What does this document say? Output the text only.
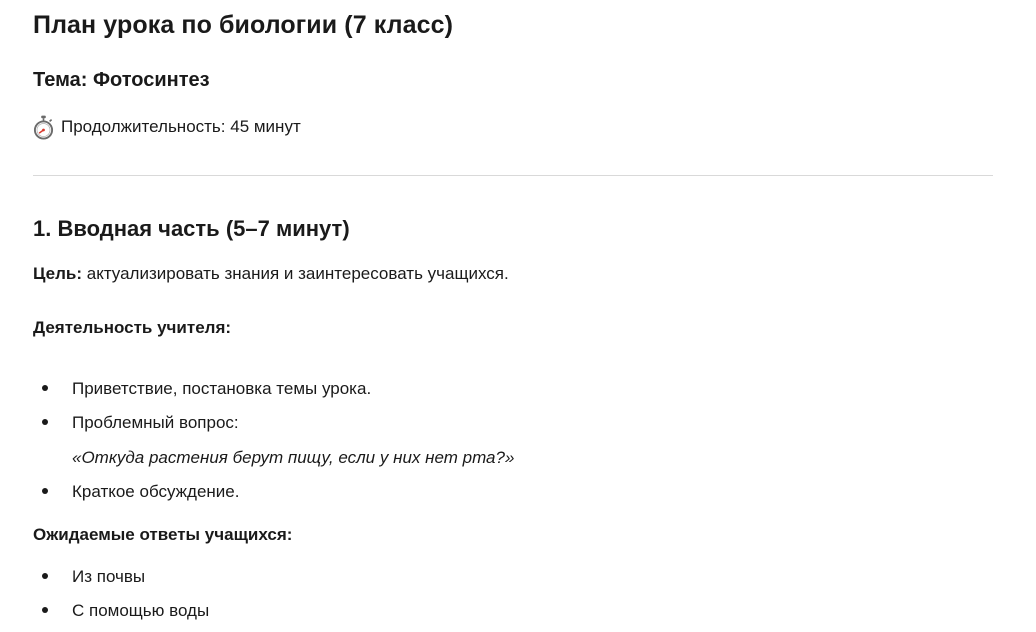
План урока по биологии (7 класс)
Тема: Фотосинтез

Продолжительность: 45 минут

1. Вводная часть (5–7 минут)

Цель: актуализировать знания и заинтересовать учащихся.

Деятельность учителя:

Приветствие, постановка темы урока.
Проблемный вопрос:
«Откуда растения берут пищу, если у них нет рта?»
Краткое обсуждение.

Ожидаемые ответы учащихся:

Из почвы
С помощью воды
